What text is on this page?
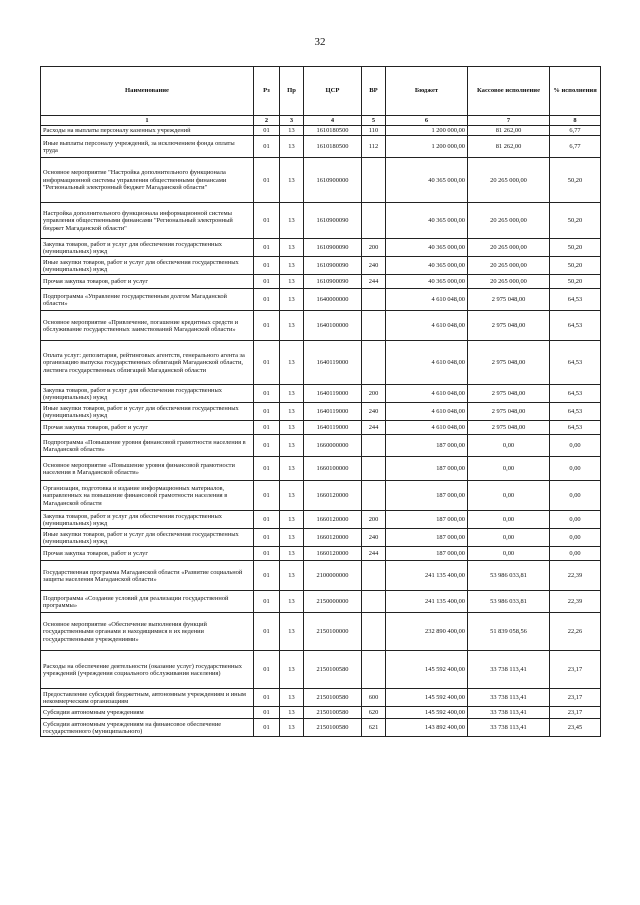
32
Наименование	Рз	Пр	ЦСР	ВР	Бюджет	Кассовое исполнение	% исполнения
1	2	3	4	5	6	7	8
Расходы на выплаты персоналу казенных учреждений	01	13	1610180500	110	1 200 000,00	81 262,00	6,77
Иные выплаты персоналу учреждений, за исключением фонда оплаты труда	01	13	1610180500	112	1 200 000,00	81 262,00	6,77
Основное мероприятие "Настройка дополнительного функционала информационной системы управления общественными финансами "Региональный электронный бюджет Магаданской области"	01	13	1610900000		40 365 000,00	20 265 000,00	50,20
Настройка дополнительного функционала информационной системы управления общественными финансами "Региональный электронный бюджет Магаданской области"	01	13	1610900090		40 365 000,00	20 265 000,00	50,20
Закупка товаров, работ и услуг для обеспечения государственных (муниципальных) нужд	01	13	1610900090	200	40 365 000,00	20 265 000,00	50,20
Иные закупки товаров, работ и услуг для обеспечения государственных (муниципальных) нужд	01	13	1610900090	240	40 365 000,00	20 265 000,00	50,20
Прочая закупка товаров, работ и услуг	01	13	1610900090	244	40 365 000,00	20 265 000,00	50,20
Подпрограмма «Управление государственным долгом Магаданской области»	01	13	1640000000		4 610 048,00	2 975 048,00	64,53
Основное мероприятие «Привлечение, погашение кредитных средств и обслуживание государственных заимствований Магаданской области»	01	13	1640100000		4 610 048,00	2 975 048,00	64,53
Оплата услуг: депозитария, рейтинговых агентств, генерального агента за организацию выпуска государственных облигаций Магаданской области, листинга государственных облигаций Магаданской области	01	13	1640119000		4 610 048,00	2 975 048,00	64,53
Закупка товаров, работ и услуг для обеспечения государственных (муниципальных) нужд	01	13	1640119000	200	4 610 048,00	2 975 048,00	64,53
Иные закупки товаров, работ и услуг для обеспечения государственных (муниципальных) нужд	01	13	1640119000	240	4 610 048,00	2 975 048,00	64,53
Прочая закупка товаров, работ и услуг	01	13	1640119000	244	4 610 048,00	2 975 048,00	64,53
Подпрограмма «Повышение уровня финансовой грамотности населения в Магаданской области»	01	13	1660000000		187 000,00	0,00	0,00
Основное мероприятие «Повышение уровня финансовой грамотности населения в Магаданской области»	01	13	1660100000		187 000,00	0,00	0,00
Организация, подготовка и издание информационных материалов, направленных на повышение финансовой грамотности населения в Магаданской области	01	13	1660120000		187 000,00	0,00	0,00
Закупка товаров, работ и услуг для обеспечения государственных (муниципальных) нужд	01	13	1660120000	200	187 000,00	0,00	0,00
Иные закупки товаров, работ и услуг для обеспечения государственных (муниципальных) нужд	01	13	1660120000	240	187 000,00	0,00	0,00
Прочая закупка товаров, работ и услуг	01	13	1660120000	244	187 000,00	0,00	0,00
Государственная программа Магаданской области «Развитие социальной защиты населения Магаданской области»	01	13	2100000000		241 135 400,00	53 986 033,81	22,39
Подпрограмма «Создание условий для реализации государственной программы»	01	13	2150000000		241 135 400,00	53 986 033,81	22,39
Основное мероприятие «Обеспечение выполнения функций государственными органами и находящимися в их ведении государственными учреждениями»	01	13	2150100000		232 890 400,00	51 839 058,56	22,26
Расходы на обеспечение деятельности (оказание услуг) государственных учреждений (учреждения социального обслуживания населения)	01	13	2150100580		145 592 400,00	33 738 113,41	23,17
Предоставление субсидий бюджетным, автономным учреждениям и иным некоммерческим организациям	01	13	2150100580	600	145 592 400,00	33 738 113,41	23,17
Субсидии автономным учреждениям	01	13	2150100580	620	145 592 400,00	33 738 113,41	23,17
Субсидии автономным учреждениям на финансовое обеспечение государственного (муниципального)	01	13	2150100580	621	143 892 400,00	33 738 113,41	23,45
